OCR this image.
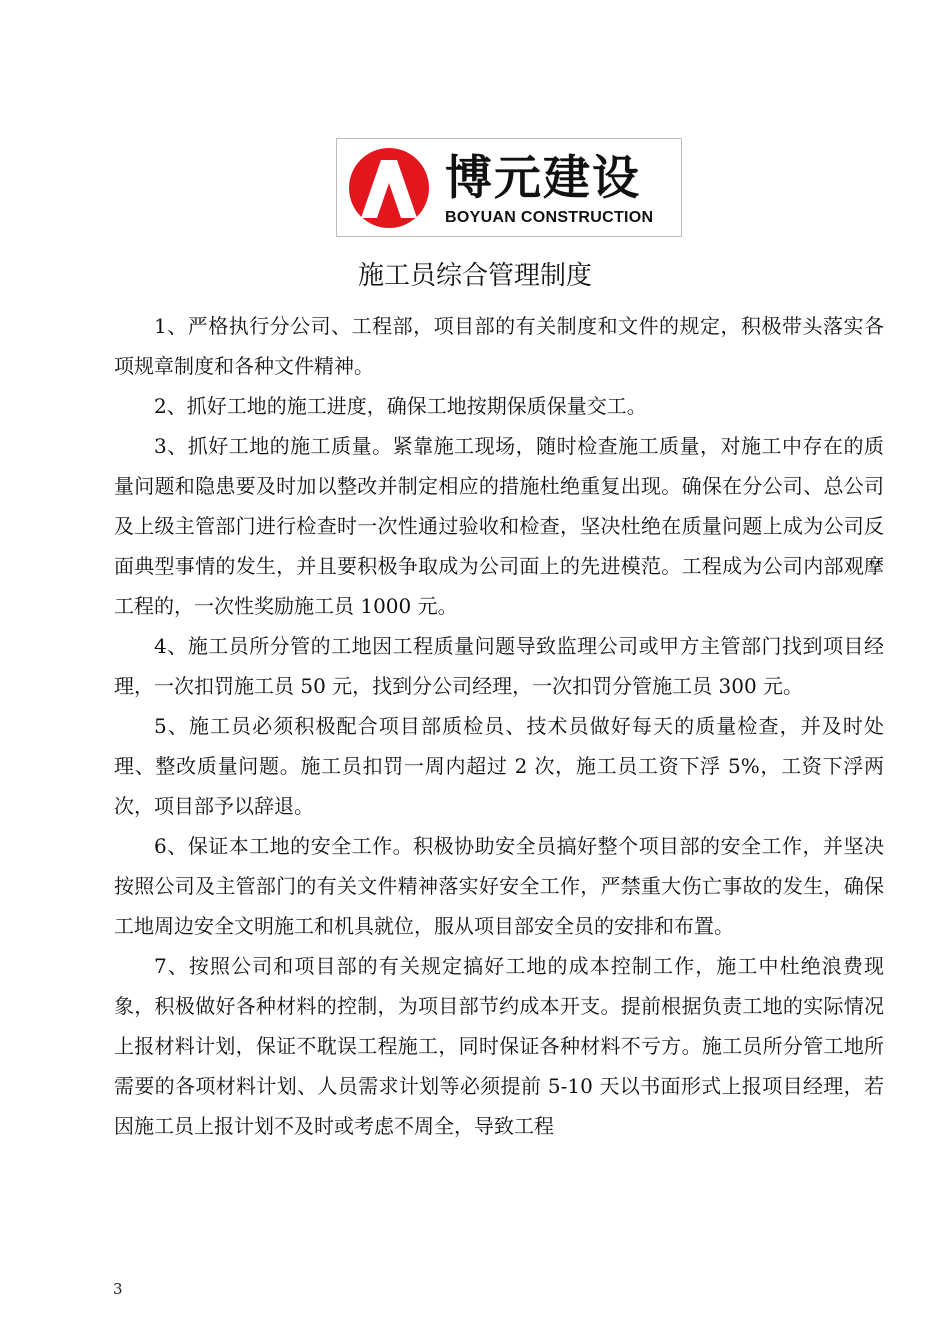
博元建设
BOYUAN CONSTRUCTION
施工员综合管理制度

1、严格执行分公司、工程部，项目部的有关制度和文件的规定，积极带头落实各项规章制度和各种文件精神。

2、抓好工地的施工进度，确保工地按期保质保量交工。

3、抓好工地的施工质量。紧靠施工现场，随时检查施工质量，对施工中存在的质量问题和隐患要及时加以整改并制定相应的措施杜绝重复出现。确保在分公司、总公司及上级主管部门进行检查时一次性通过验收和检查，坚决杜绝在质量问题上成为公司反面典型事情的发生，并且要积极争取成为公司面上的先进模范。工程成为公司内部观摩工程的，一次性奖励施工员 1000 元。

4、施工员所分管的工地因工程质量问题导致监理公司或甲方主管部门找到项目经理，一次扣罚施工员 50 元，找到分公司经理，一次扣罚分管施工员 300 元。

5、施工员必须积极配合项目部质检员、技术员做好每天的质量检查，并及时处理、整改质量问题。施工员扣罚一周内超过 2 次，施工员工资下浮 5%，工资下浮两次，项目部予以辞退。

6、保证本工地的安全工作。积极协助安全员搞好整个项目部的安全工作，并坚决按照公司及主管部门的有关文件精神落实好安全工作，严禁重大伤亡事故的发生，确保工地周边安全文明施工和机具就位，服从项目部安全员的安排和布置。

7、按照公司和项目部的有关规定搞好工地的成本控制工作，施工中杜绝浪费现象，积极做好各种材料的控制，为项目部节约成本开支。提前根据负责工地的实际情况上报材料计划，保证不耽误工程施工，同时保证各种材料不亏方。施工员所分管工地所需要的各项材料计划、人员需求计划等必须提前 5-10 天以书面形式上报项目经理，若因施工员上报计划不及时或考虑不周全，导致工程

3
